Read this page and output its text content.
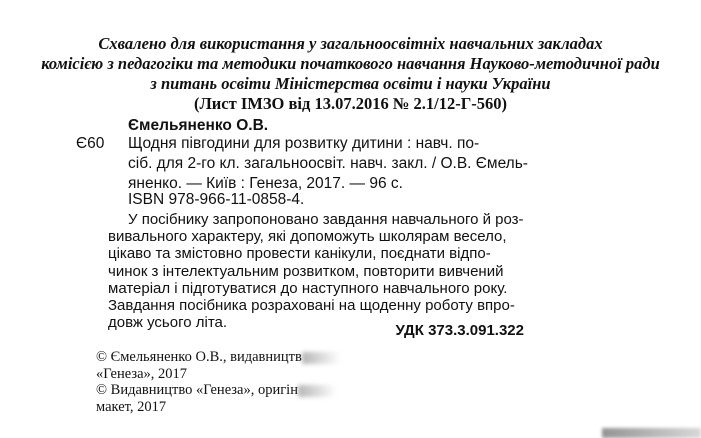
Схвалено для використання у загальноосвітніх навчальних закладах
комісією з педагогіки та методики початкового навчання Науково-методичної ради
з питань освіти Міністерства освіти і науки України
(Лист ІМЗО від 13.07.2016 № 2.1/12-Г-560)
Ємельяненко О.В.
Є60 Щодня півгодини для розвитку дитини : навч. по-
сіб. для 2-го кл. загальноосвіт. навч. закл. / О.В. Ємель-
яненко. — Київ : Генеза, 2017. — 96 с.
ISBN 978-966-11-0858-4.
У посібнику запропоновано завдання навчального й роз-
вивального характеру, які допоможуть школярам весело,
цікаво та змістовно провести канікули, поєднати відпо-
чинок з інтелектуальним розвитком, повторити вивчений
матеріал і підготуватися до наступного навчального року.
Завдання посібника розраховані на щоденну роботу впро-
довж усього літа.	УДК 373.3.091.322
© Ємельяненко О.В., видавництв
«Генеза», 2017
© Видавництво «Генеза», оригін
макет, 2017
